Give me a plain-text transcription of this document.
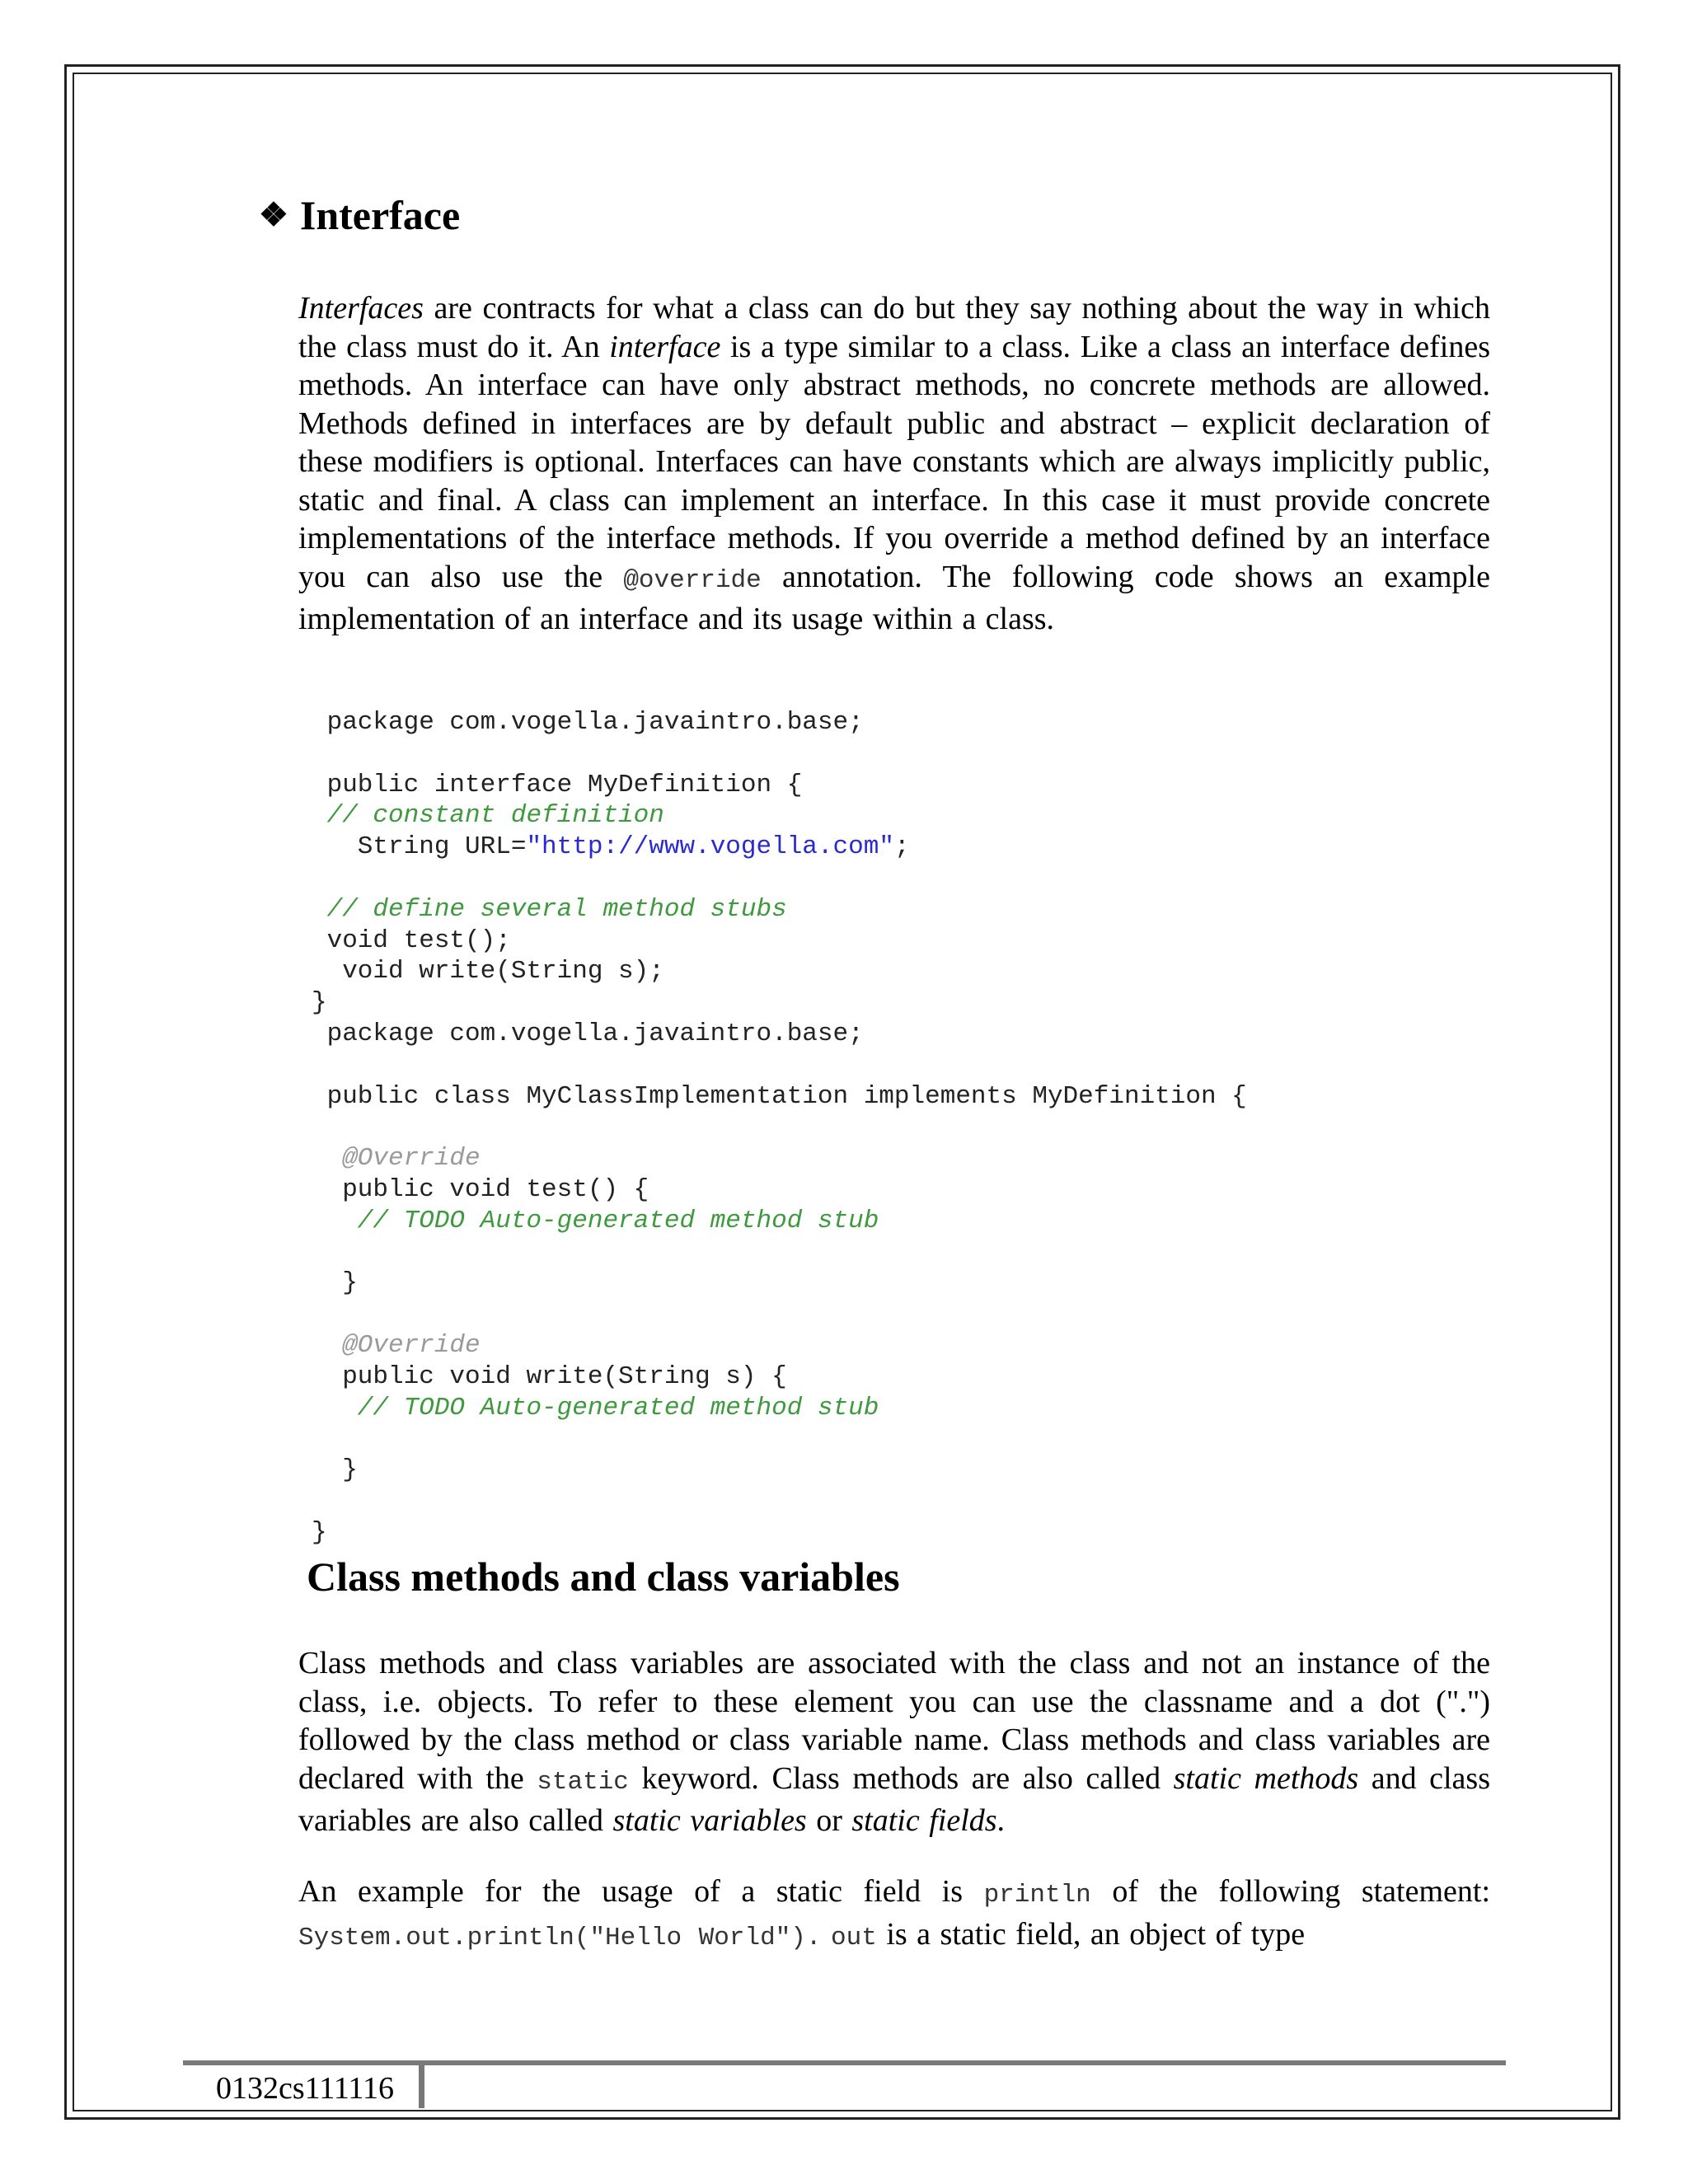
❖ Interface
Interfaces are contracts for what a class can do but they say nothing about the way in which the class must do it. An interface is a type similar to a class. Like a class an interface defines methods. An interface can have only abstract methods, no concrete methods are allowed. Methods defined in interfaces are by default public and abstract – explicit declaration of these modifiers is optional. Interfaces can have constants which are always implicitly public, static and final. A class can implement an interface. In this case it must provide concrete implementations of the interface methods. If you override a method defined by an interface you can also use the @override annotation. The following code shows an example implementation of an interface and its usage within a class.
package com.vogella.javaintro.base;

public interface MyDefinition {
// constant definition
String URL="http://www.vogella.com";

// define several method stubs
void test();
void write(String s);
}
package com.vogella.javaintro.base;

public class MyClassImplementation implements MyDefinition {

@Override
public void test() {
// TODO Auto-generated method stub

}

@Override
public void write(String s) {
// TODO Auto-generated method stub

}

}
Class methods and class variables
Class methods and class variables are associated with the class and not an instance of the class, i.e. objects. To refer to these element you can use the classname and a dot (".") followed by the class method or class variable name. Class methods and class variables are declared with the static keyword. Class methods are also called static methods and class variables are also called static variables or static fields.
An example for the usage of a static field is println of the following statement: System.out.println("Hello World"). out is a static field, an object of type
0132cs111116
